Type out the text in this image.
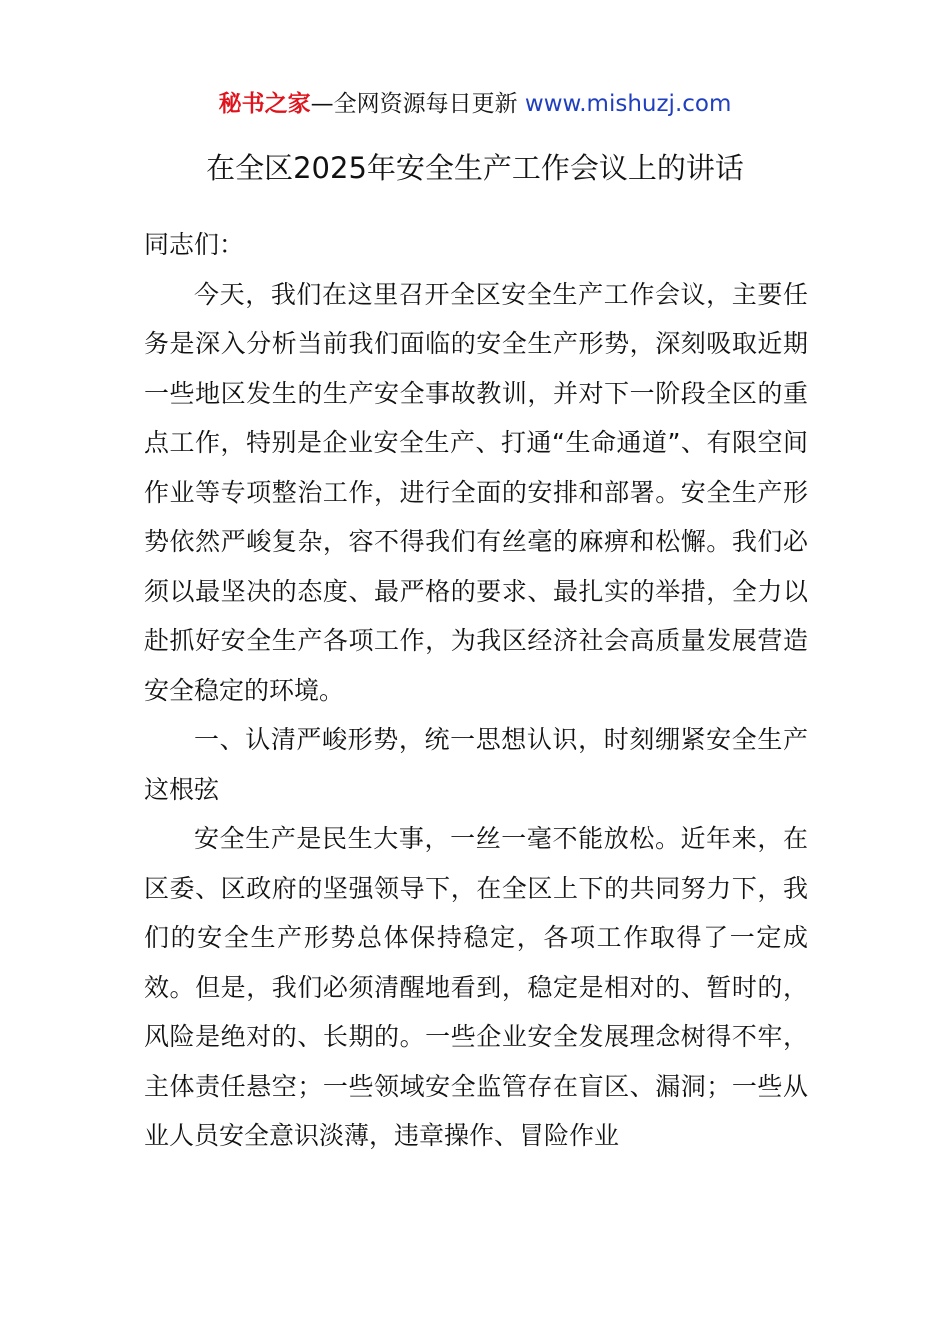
秘书之家—全网资源每日更新 www.mishuzj.com
在全区2025年安全生产工作会议上的讲话

同志们：

今天，我们在这里召开全区安全生产工作会议，主要任务是深入分析当前我们面临的安全生产形势，深刻吸取近期一些地区发生的生产安全事故教训，并对下一阶段全区的重点工作，特别是企业安全生产、打通“生命通道”、有限空间作业等专项整治工作，进行全面的安排和部署。安全生产形势依然严峻复杂，容不得我们有丝毫的麻痹和松懈。我们必须以最坚决的态度、最严格的要求、最扎实的举措，全力以赴抓好安全生产各项工作，为我区经济社会高质量发展营造安全稳定的环境。

一、认清严峻形势，统一思想认识，时刻绷紧安全生产这根弦

安全生产是民生大事，一丝一毫不能放松。近年来，在区委、区政府的坚强领导下，在全区上下的共同努力下，我们的安全生产形势总体保持稳定，各项工作取得了一定成效。但是，我们必须清醒地看到，稳定是相对的、暂时的，风险是绝对的、长期的。一些企业安全发展理念树得不牢，主体责任悬空；一些领域安全监管存在盲区、漏洞；一些从业人员安全意识淡薄，违章操作、冒险作业
